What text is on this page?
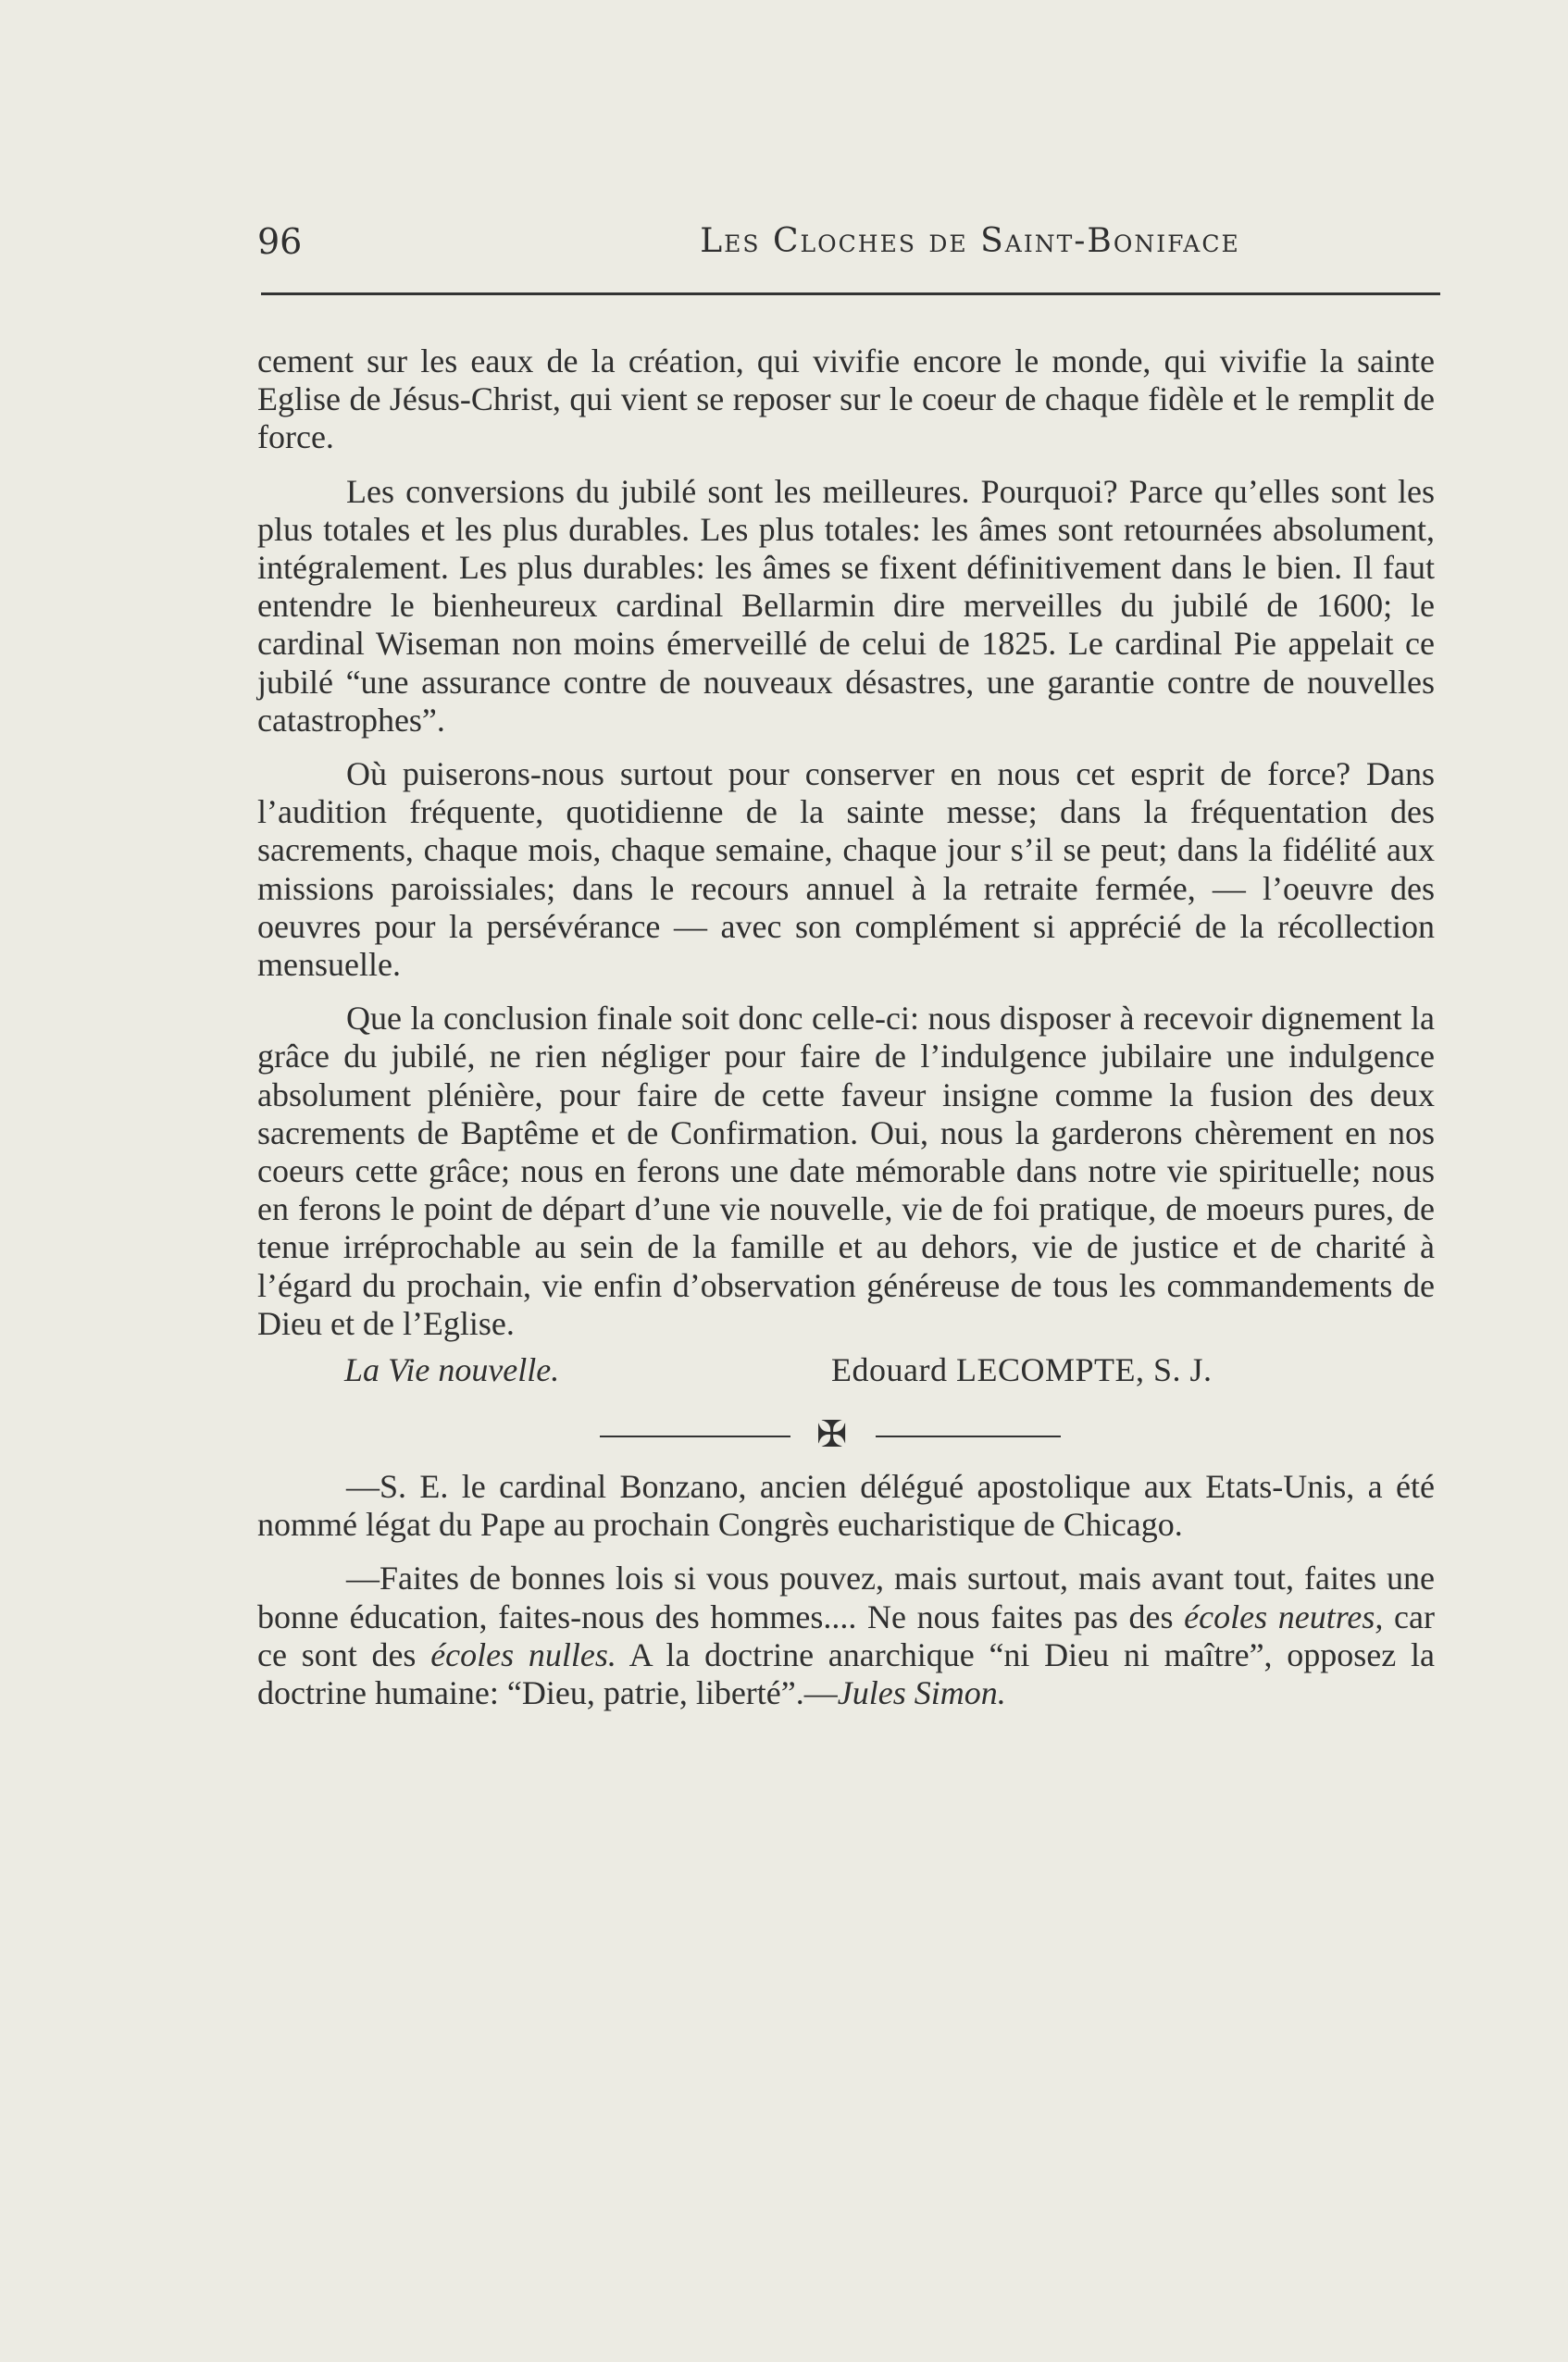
96	Les Cloches de Saint-Boniface

cement sur les eaux de la création, qui vivifie encore le monde, qui vivifie la sainte Eglise de Jésus-Christ, qui vient se reposer sur le coeur de chaque fidèle et le remplit de force.

Les conversions du jubilé sont les meilleures. Pourquoi? Parce qu’elles sont les plus totales et les plus durables. Les plus totales: les âmes sont retournées absolument, intégralement. Les plus durables: les âmes se fixent définitivement dans le bien. Il faut entendre le bienheureux cardinal Bellarmin dire merveilles du jubilé de 1600; le cardinal Wiseman non moins émerveillé de celui de 1825. Le cardinal Pie appelait ce jubilé “une assurance contre de nouveaux désastres, une garantie contre de nouvelles catastrophes”.

Où puiserons-nous surtout pour conserver en nous cet esprit de force? Dans l’audition fréquente, quotidienne de la sainte messe; dans la fréquentation des sacrements, chaque mois, chaque semaine, chaque jour s’il se peut; dans la fidélité aux missions paroissiales; dans le recours annuel à la retraite fermée, — l’oeuvre des oeuvres pour la persévérance — avec son complément si apprécié de la récollection mensuelle.

Que la conclusion finale soit donc celle-ci: nous disposer à recevoir dignement la grâce du jubilé, ne rien négliger pour faire de l’indulgence jubilaire une indulgence absolument plénière, pour faire de cette faveur insigne comme la fusion des deux sacrements de Baptême et de Confirmation. Oui, nous la garderons chèrement en nos coeurs cette grâce; nous en ferons une date mémorable dans notre vie spirituelle; nous en ferons le point de départ d’une vie nouvelle, vie de foi pratique, de moeurs pures, de tenue irréprochable au sein de la famille et au dehors, vie de justice et de charité à l’égard du prochain, vie enfin d’observation généreuse de tous les commandements de Dieu et de l’Eglise.

La Vie nouvelle.	Edouard LECOMPTE, S. J.
✠

—S. E. le cardinal Bonzano, ancien délégué apostolique aux Etats-Unis, a été nommé légat du Pape au prochain Congrès eucharistique de Chicago.

—Faites de bonnes lois si vous pouvez, mais surtout, mais avant tout, faites une bonne éducation, faites-nous des hommes.... Ne nous faites pas des écoles neutres, car ce sont des écoles nulles. A la doctrine anarchique “ni Dieu ni maître”, opposez la doctrine humaine: “Dieu, patrie, liberté”.—Jules Simon.
